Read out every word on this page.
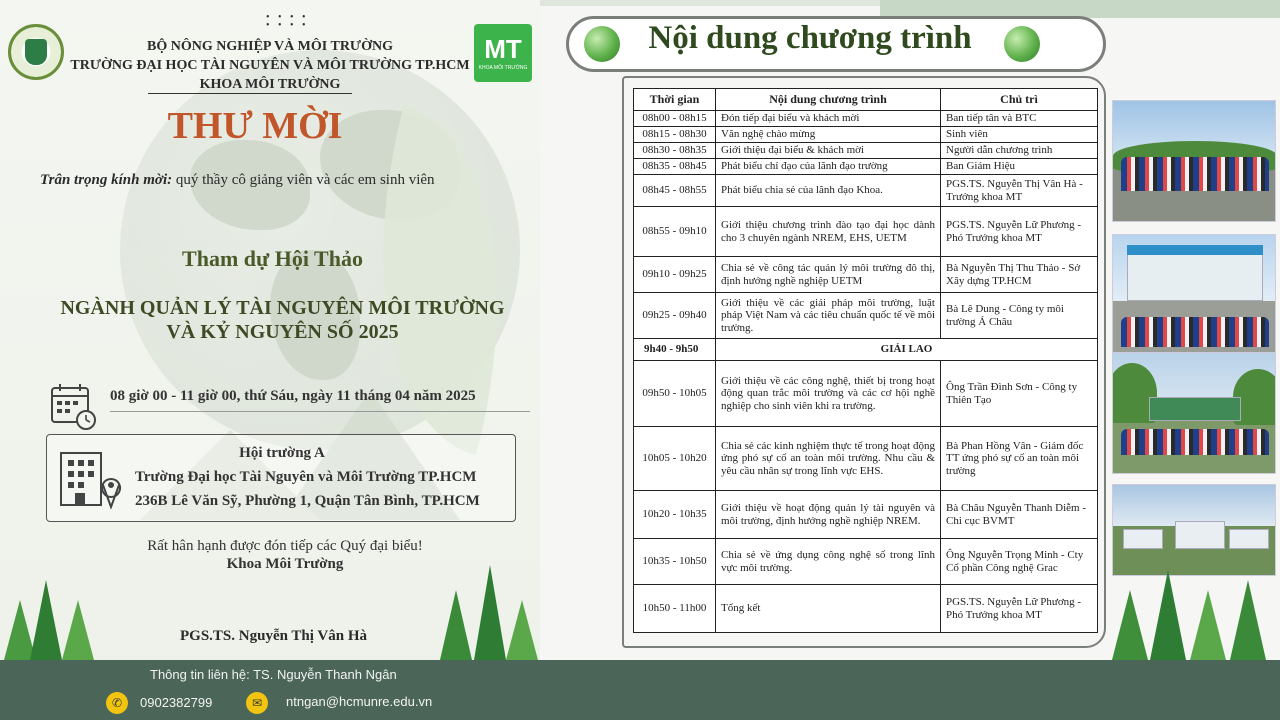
• • • •
• • • •
MT
KHOA MÔI TRƯỜNG
BỘ NÔNG NGHIỆP VÀ MÔI TRƯỜNG
TRƯỜNG ĐẠI HỌC TÀI NGUYÊN VÀ MÔI TRƯỜNG TP.HCM
KHOA MÔI TRƯỜNG
THƯ MỜI
Trân trọng kính mời: quý thầy cô giảng viên và các em sinh viên
Tham dự Hội Thảo
NGÀNH QUẢN LÝ TÀI NGUYÊN MÔI TRƯỜNG
VÀ KỶ NGUYÊN SỐ 2025
08 giờ 00 - 11 giờ 00, thứ Sáu, ngày 11 tháng 04 năm 2025
Hội trường A
Trường Đại học Tài Nguyên và Môi Trường TP.HCM
236B Lê Văn Sỹ, Phường 1, Quận Tân Bình, TP.HCM
Rất hân hạnh được đón tiếp các Quý đại biểu!
Khoa Môi Trường
PGS.TS. Nguyễn Thị Vân Hà
Nội dung chương trình
Thời gian	Nội dung chương trình	Chủ trì
08h00 - 08h15	Đón tiếp đại biểu và khách mời	Ban tiếp tân và BTC
08h15 - 08h30	Văn nghệ chào mừng	Sinh viên
08h30 - 08h35	Giới thiệu đại biểu & khách mời	Người dẫn chương trình
08h35 - 08h45	Phát biểu chỉ đạo của lãnh đạo trường	Ban Giám Hiệu
08h45 - 08h55	Phát biểu chia sẻ của lãnh đạo Khoa.	PGS.TS. Nguyễn Thị Vân Hà - Trưởng khoa MT
08h55 - 09h10	Giới thiệu chương trình đào tạo đại học dành cho 3 chuyên ngành NREM, EHS, UETM	PGS.TS. Nguyễn Lữ Phương - Phó Trưởng khoa MT
09h10 - 09h25	Chia sẻ về công tác quản lý môi trường đô thị, định hướng nghề nghiệp UETM	Bà Nguyễn Thị Thu Thảo - Sở Xây dựng TP.HCM
09h25 - 09h40	Giới thiệu về các giải pháp môi trường, luật pháp Việt Nam và các tiêu chuẩn quốc tế về môi trường.	Bà Lê Dung - Công ty môi trường Á Châu
9h40 - 9h50	GIẢI LAO	
09h50 - 10h05	Giới thiệu về các công nghệ, thiết bị trong hoạt động quan trắc môi trường và các cơ hội nghề nghiệp cho sinh viên khi ra trường.	Ông Trần Đình Sơn - Công ty Thiên Tạo
10h05 - 10h20	Chia sẻ các kinh nghiệm thực tế trong hoạt động ứng phó sự cố an toàn môi trường. Nhu cầu & yêu cầu nhân sự trong lĩnh vực EHS.	Bà Phan Hồng Vân - Giám đốc TT ứng phó sự cố an toàn môi trường
10h20 - 10h35	Giới thiệu về hoạt động quản lý tài nguyên và môi trường, định hướng nghề nghiệp NREM.	Bà Châu Nguyễn Thanh Diễm - Chi cục BVMT
10h35 - 10h50	Chia sẻ về ứng dụng công nghệ số trong lĩnh vực môi trường.	Ông Nguyễn Trọng Minh - Cty Cổ phần Công nghệ Grac
10h50 - 11h00	Tổng kết	PGS.TS. Nguyễn Lữ Phương - Phó Trưởng khoa MT
Thông tin liên hệ: TS. Nguyễn Thanh Ngân
✆	0902382799	✉	ntngan@hcmunre.edu.vn
